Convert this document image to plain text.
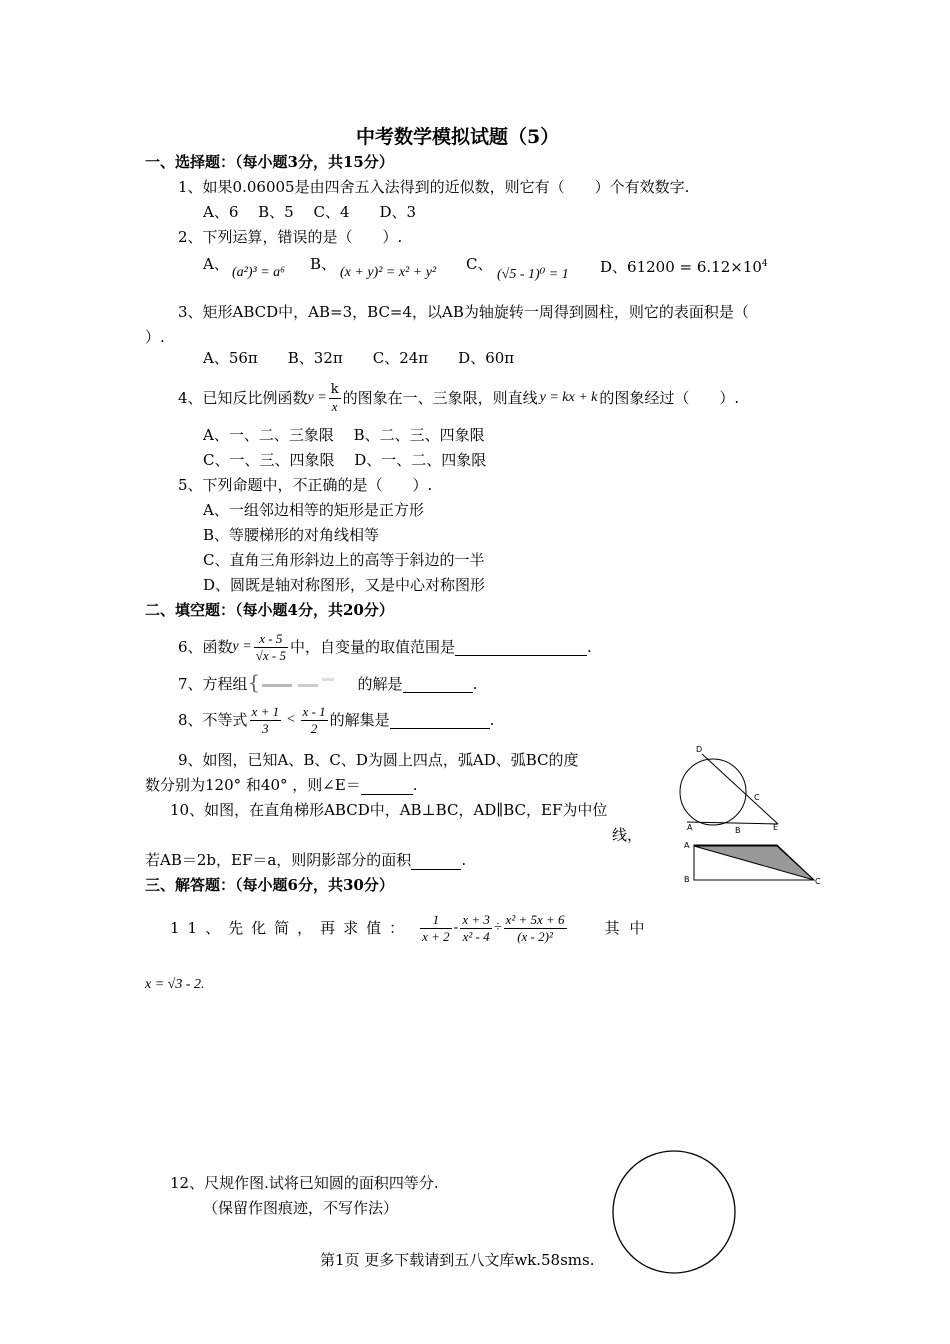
中考数学模拟试题（5）
一、选择题：（每小题3分，共15分）
1、如果0.06005是由四舍五入法得到的近似数，则它有（　　）个有效数字.
A、6　 B、5　 C、4　　D、3
2、下列运算，错误的是（　　）.
A、 (a²)³ = a⁶ B、 (x + y)² = x² + y² C、
(√5 - 1)⁰ = 1 D、$61200 = 6.12\times 10^4$
3、矩形ABCD中，AB=3，BC=4，以AB为轴旋转一周得到圆柱，则它的表面积是（
）.
A、56π　　B、32π　　C、24π　　D、60π
4、已知反比例函数 $y = \frac{k}{x}$ 的图象在一、三象限，则直线 y = kx + k 的图象经过（　　）.
A、一、二、三象限　 B、二、三、四象限
C、一、三、四象限　 D、一、二、四象限
5、下列命题中，不正确的是（　　）.
A、一组邻边相等的矩形是正方形
B、等腰梯形的对角线相等
C、直角三角形斜边上的高等于斜边的一半
D、圆既是轴对称图形，又是中心对称图形
二、填空题：（每小题4分，共20分）
6、函数 $y = \frac{x - 5}{√x - 5}$ 中，自变量的取值范围是	.
7、方程组 {	的解是	.
8、不等式 $\frac{x + 1}{3} < \frac{x - 1}{2}$ 的解集是	.
9、如图，已知A、B、C、D为圆上四点，弧AD、弧BC的度
数分别为120° 和40° ，则∠E＝	.
10、如图，在直角梯形ABCD中，AB⊥BC，AD∥BC，EF为中位
线，
若AB＝2b，EF＝a，则阴影部分的面积	.
D
C
A	B	E
A
B	C
三、解答题：（每小题6分，共30分）
11、先化简，再求值： $\frac{1}{x + 2} - \frac{x + 3}{\text{x² - 4}} \div \frac{\text{x² + 5x + 6}}{\text{(x - 2)²}}$	其中
x = √3 - 2.
12、尺规作图.试将已知圆的面积四等分.
（保留作图痕迹，不写作法）
第1页 更多下载请到五八文库wk.58sms.
